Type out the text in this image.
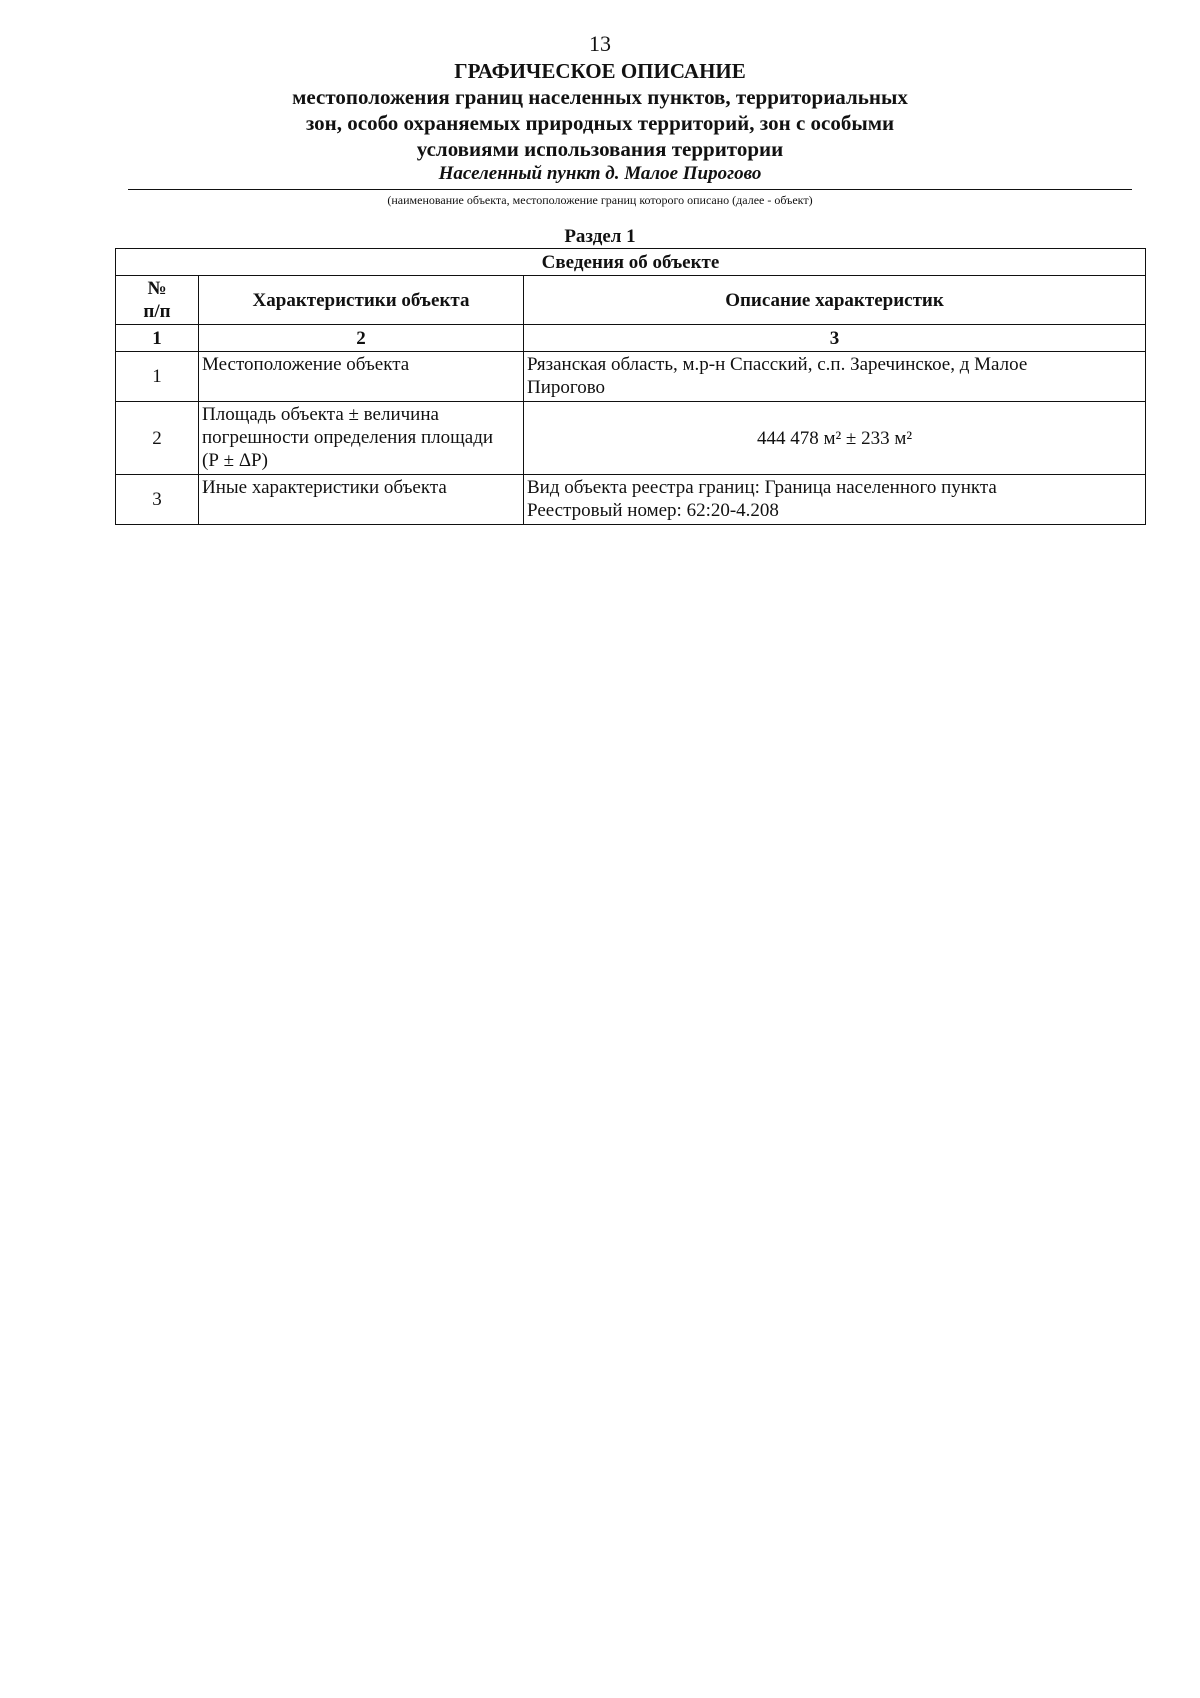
13
ГРАФИЧЕСКОЕ ОПИСАНИЕ
местоположения границ населенных пунктов, территориальных
зон, особо охраняемых природных территорий, зон с особыми
условиями использования территории
Населенный пункт д. Малое Пирогово
(наименование объекта, местоположение границ которого описано (далее - объект)
Раздел 1
Сведения об объекте		

№
п/п	Характеристики объекта	Описание характеристик
1	2	3
1	Местоположение объекта	Рязанская область, м.р-н Спасский, с.п. Заречинское, д Малое
Пирогово

2	Площадь объекта ± величина
погрешности определения площади
(Р ± ΔР)	444 478 м² ± 233 м²
3	Иные характеристики объекта	Вид объекта реестра границ: Граница населенного пункта
Реестровый номер: 62:20-4.208
